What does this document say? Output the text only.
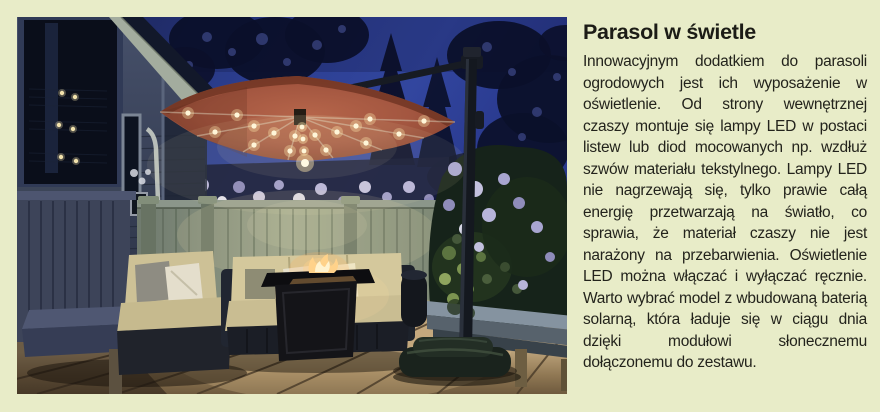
Parasol w świetle

Innowacyjnym dodatkiem do parasoli ogrodowych jest ich wyposażenie w oświetlenie. Od strony wewnętrznej czaszy montuje się lampy LED w postaci listew lub diod mocowanych np. wzdłuż szwów materiału tekstylnego. Lampy LED nie nagrzewają się, tylko prawie całą energię przetwarzają na światło, co sprawia, że materiał czaszy nie jest narażony na przebarwienia. Oświetlenie LED można włączać i wyłączać ręcznie. Warto wybrać model z wbudowaną baterią solarną, która ładuje się w ciągu dnia dzięki modułowi słonecznemu dołączonemu do zestawu.
